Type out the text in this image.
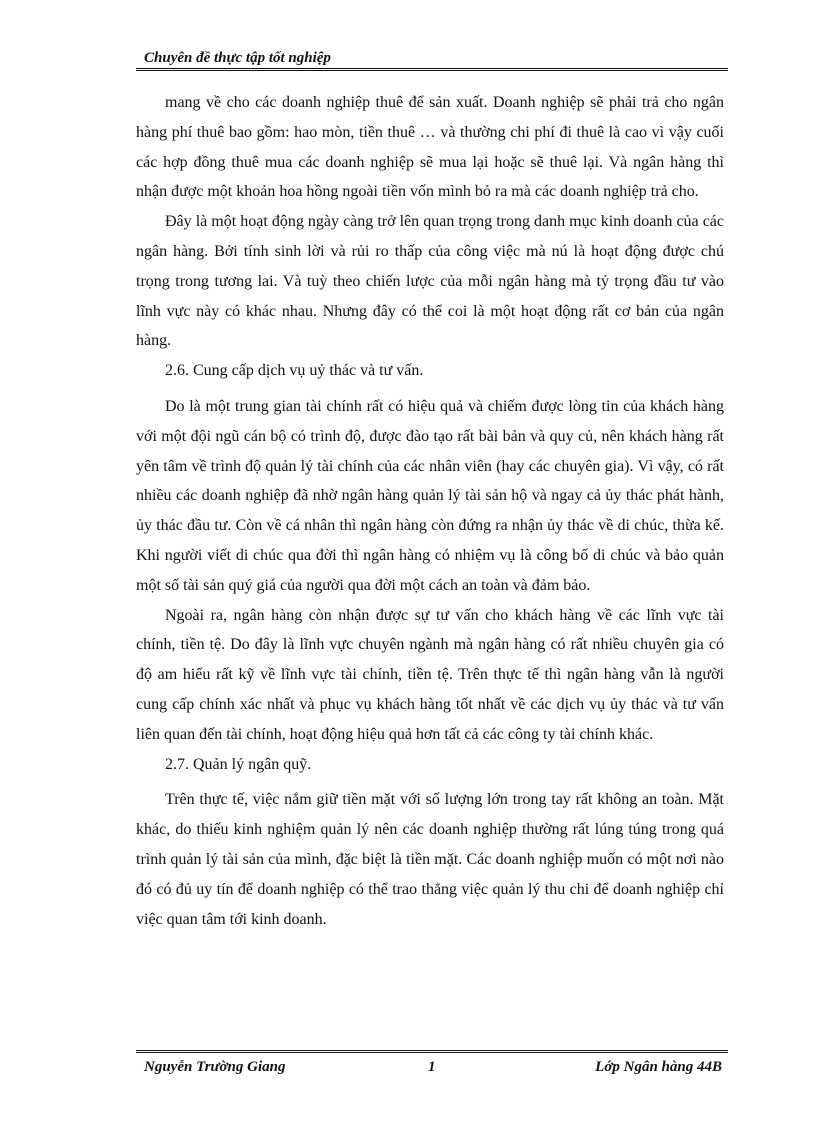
Chuyên đề thực tập tốt nghiệp

mang về cho các doanh nghiệp thuê để sản xuất. Doanh nghiệp sẽ phải trả cho ngân hàng phí thuê bao gồm: hao mòn, tiền thuê … và thường chi phí đi thuê là cao vì vậy cuối các hợp đồng thuê mua các doanh nghiệp sẽ mua lại hoặc sẽ thuê lại. Và ngân hàng thì nhận được một khoản hoa hồng ngoài tiền vốn mình bỏ ra mà các doanh nghiệp trả cho.

Đây là một hoạt động ngày càng trở lên quan trọng trong danh mục kinh doanh của các ngân hàng. Bởi tính sinh lời và rủi ro thấp của công việc mà nú là hoạt động được chú trọng trong tương lai. Và tuỳ theo chiến lược của mỗi ngân hàng mà tỷ trọng đầu tư vào lĩnh vực này có khác nhau. Nhưng đây có thể coi là một hoạt động rất cơ bản của ngân hàng.

2.6. Cung cấp dịch vụ uỷ thác và tư vấn.

Do là một trung gian tài chính rất có hiệu quả và chiếm được lòng tin của khách hàng với một đội ngũ cán bộ có trình độ, được đào tạo rất bài bản và quy củ, nên khách hàng rất yên tâm về trình độ quản lý tài chính của các nhân viên (hay các chuyên gia). Vì vậy, có rất nhiều các doanh nghiệp đã nhờ ngân hàng quản lý tài sản hộ và ngay cả ủy thác phát hành, ủy thác đầu tư. Còn về cá nhân thì ngân hàng còn đứng ra nhận ủy thác về di chúc, thừa kế. Khi người viết di chúc qua đời thì ngân hàng có nhiệm vụ là công bố di chúc và bảo quản một số tài sản quý giá của người qua đời một cách an toàn và đảm bảo.

Ngoài ra, ngân hàng còn nhận được sự tư vấn cho khách hàng về các lĩnh vực tài chính, tiền tệ. Do đây là lĩnh vực chuyên ngành mà ngân hàng có rất nhiều chuyên gia có độ am hiểu rất kỹ về lĩnh vực tài chính, tiền tệ. Trên thực tế thì ngân hàng vẫn là người cung cấp chính xác nhất và phục vụ khách hàng tốt nhất về các dịch vụ ủy thác và tư vấn liên quan đến tài chính, hoạt động hiệu quả hơn tất cả các công ty tài chính khác.

2.7. Quản lý ngân quỹ.

Trên thực tế, việc nắm giữ tiền mặt với số lượng lớn trong tay rất không an toàn. Mặt khác, do thiếu kinh nghiệm quản lý nên các doanh nghiệp thường rất lúng túng trong quá trình quản lý tài sản của mình, đặc biệt là tiền mặt. Các doanh nghiệp muốn có một nơi nào đó có đủ uy tín để doanh nghiệp có thể trao thẳng việc quản lý thu chi để doanh nghiệp chỉ việc quan tâm tới kinh doanh.

Nguyễn Trường Giang	1	Lớp Ngân hàng 44B
